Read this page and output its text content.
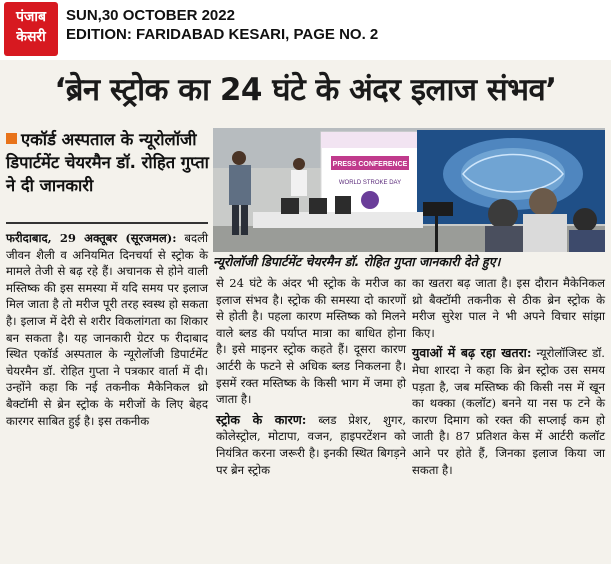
पंजाब
केसरी
SUN,30 OCTOBER 2022
EDITION: FARIDABAD KESARI, PAGE NO. 2
‘ब्रेन स्ट्रोक का 24 घंटे के अंदर इलाज संभव’
एकॉर्ड अस्पताल के न्यूरोलॉजी डिपार्टमेंट चेयरमैन डॉ. रोहित गुप्ता ने दी जानकारी
PRESS CONFERENCE
WORLD STROKE DAY
न्यूरोलॉजी डिपार्टमेंट चेयरमैन डॉ. रोहित गुप्ता जानकारी देते हुए।

फरीदाबाद, 29 अक्तूबर (सूरजमल): बदली जीवन शैली व अनियमित दिनचर्या से स्ट्रोक के मामले तेजी से बढ़ रहे हैं। अचानक से होने वाली मस्तिष्क की इस समस्या में यदि समय पर इलाज मिल जाता है तो मरीज पूरी तरह स्वस्थ हो सकता है। इलाज में देरी से शरीर विकलांगता का शिकार बन सकता है। यह जानकारी ग्रेटर फ रीदाबाद स्थित एकॉर्ड अस्पताल के न्यूरोलॉजी डिपार्टमेंट चेयरमैन डॉ. रोहित गुप्ता ने पत्रकार वार्ता में दी। उन्होंने कहा कि नई तकनीक मैकेनिकल थ्रो बैक्टॉमी से ब्रेन स्ट्रोक के मरीजों के लिए बेहद कारगर साबित हुई है। इस तकनीक

से 24 घंटे के अंदर भी स्ट्रोक के मरीज का इलाज संभव है। स्ट्रोक की समस्या दो कारणों से होती है। पहला कारण मस्तिष्क को मिलने वाले ब्लड की पर्याप्त मात्रा का बाधित होना है। इसे माइनर स्ट्रोक कहते हैं। दूसरा कारण आर्टरी के फटने से अधिक ब्लड निकलना है। इसमें रक्त मस्तिष्क के किसी भाग में जमा हो जाता है।

स्ट्रोक के कारण: ब्लड प्रेशर, शुगर, कोलेस्ट्रोल, मोटापा, वजन, हाइपरटेंशन को नियंत्रित करना जरूरी है। इनकी स्थित बिगड़ने पर ब्रेन स्ट्रोक

का खतरा बढ़ जाता है। इस दौरान मैकेनिकल थ्रो बैक्टॉमी तकनीक से ठीक ब्रेन स्ट्रोक के मरीज सुरेश पाल ने भी अपने विचार सांझा किए।

युवाओं में बढ़ रहा खतरा: न्यूरोलॉजिस्ट डॉ. मेघा शारदा ने कहा कि ब्रेन स्ट्रोक उस समय पड़ता है, जब मस्तिष्क की किसी नस में खून का थक्का (कलॉट) बनने या नस फ टने के कारण दिमाग को रक्त की सप्लाई कम हो जाती है। 87 प्रतिशत केस में आर्टरी कलॉट आने पर होते हैं, जिनका इलाज किया जा सकता है।
